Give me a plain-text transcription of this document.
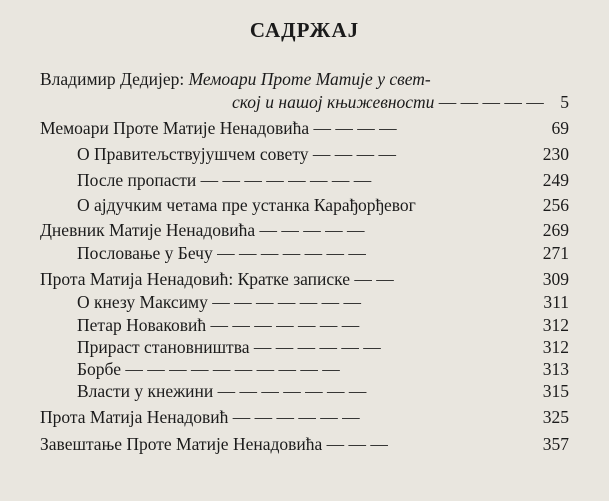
САДРЖАЈ
Владимир Дедијер: Мемоари Проте Матије у свет-
ској и нашој књижевности — — — — — 5
Мемоари Проте Матије Ненадовића — — — —	69
О Правитељствујушчем совету — — — —	230
После пропасти — — — — — — — —	249
О ајдучким четама пре устанка Карађорђевог	256
Дневник Матије Ненадовића — — — — —	269
Пословање у Бечу — — — — — — —	271
Прота Матија Ненадовић: Кратке записке — —	309
О кнезу Максиму — — — — — — —	311
Петар Новаковић — — — — — — —	312
Прираст становништва — — — — — —	312
Борбе — — — — — — — — — —	313
Власти у кнежини — — — — — — —	315
Прота Матија Ненадовић — — — — — —	325
Завештање Проте Матије Ненадовића — — —	357
